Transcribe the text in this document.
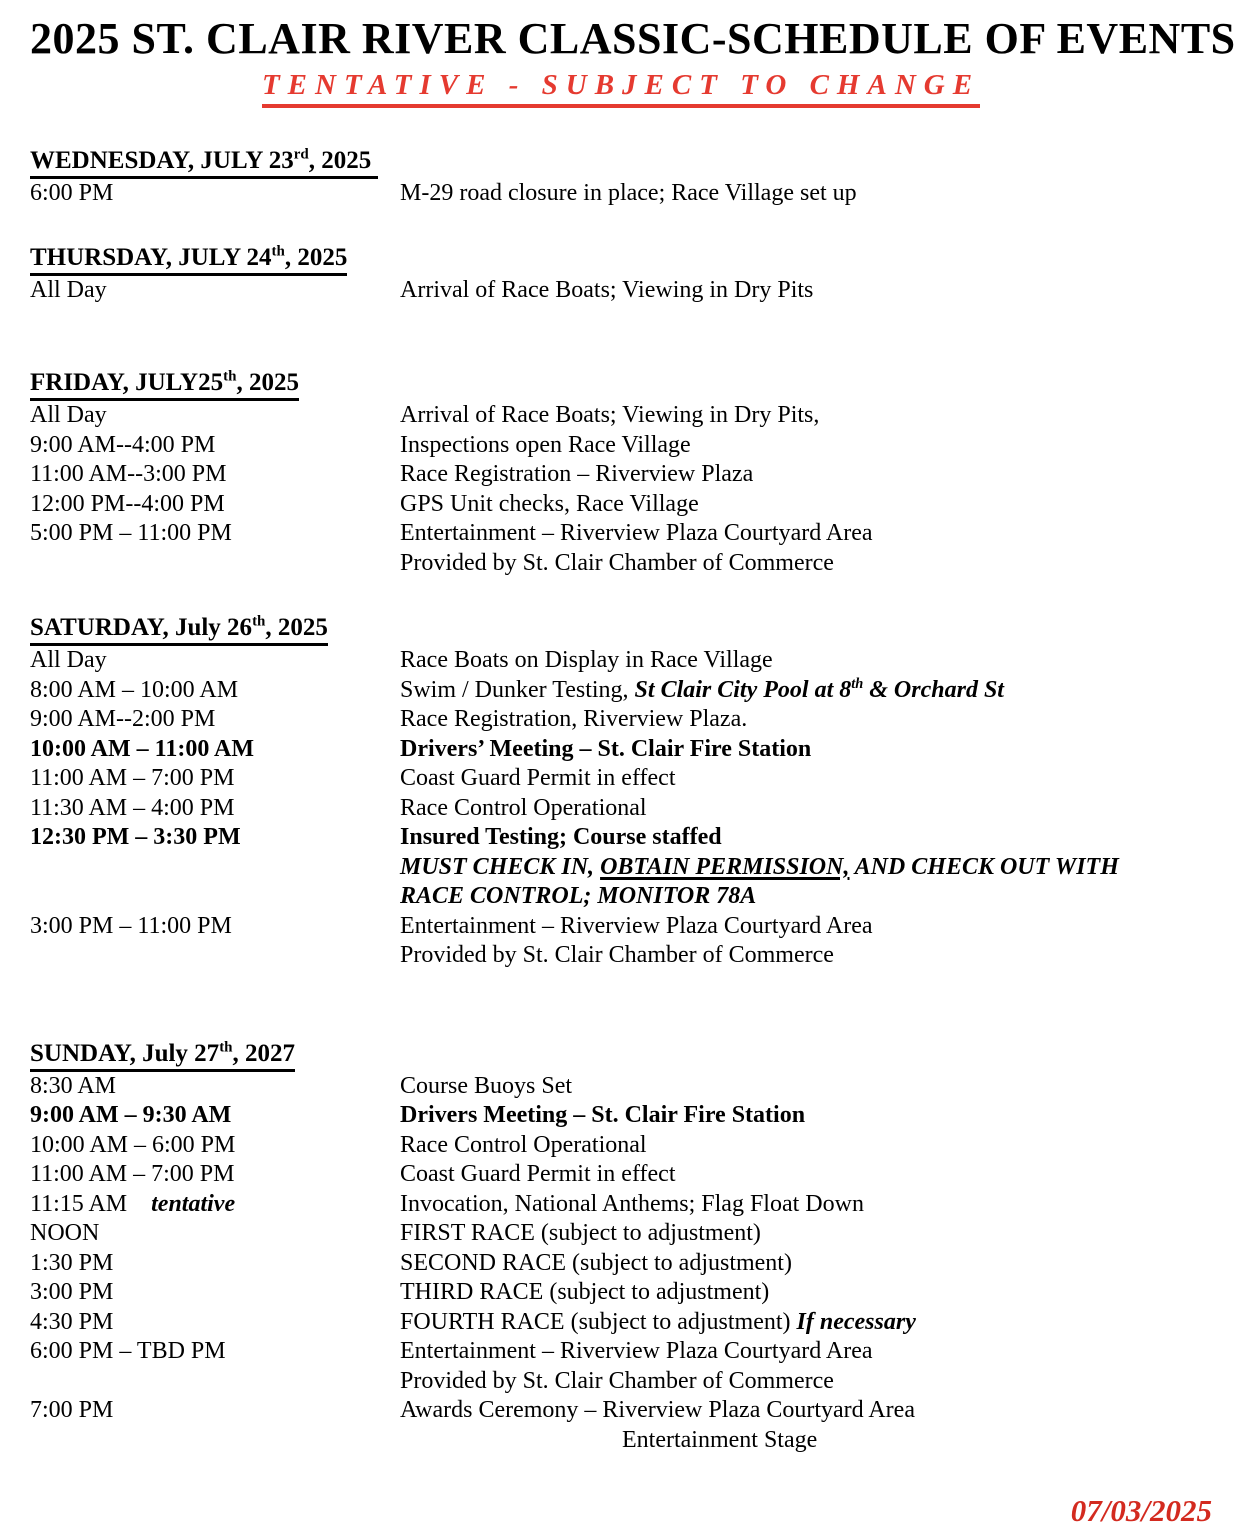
2025 ST. CLAIR RIVER CLASSIC-SCHEDULE OF EVENTS
TENTATIVE - SUBJECT TO CHANGE
WEDNESDAY, JULY 23rd, 2025
6:00 PM	M-29 road closure in place; Race Village set up
THURSDAY, JULY 24th, 2025
All Day	Arrival of Race Boats; Viewing in Dry Pits
FRIDAY, JULY25th, 2025
All Day	Arrival of Race Boats; Viewing in Dry Pits,
9:00 AM--4:00 PM	Inspections open Race Village
11:00 AM--3:00 PM	Race Registration – Riverview Plaza
12:00 PM--4:00 PM	GPS Unit checks, Race Village
5:00 PM – 11:00 PM	Entertainment – Riverview Plaza Courtyard Area
Provided by St. Clair Chamber of Commerce
SATURDAY, July 26th, 2025
All Day	Race Boats on Display in Race Village
8:00 AM – 10:00 AM	Swim / Dunker Testing, St Clair City Pool at 8th & Orchard St
9:00 AM--2:00 PM	Race Registration, Riverview Plaza.
10:00 AM – 11:00 AM	Drivers’ Meeting – St. Clair Fire Station
11:00 AM – 7:00 PM	Coast Guard Permit in effect
11:30 AM – 4:00 PM	Race Control Operational
12:30 PM – 3:30 PM	Insured Testing; Course staffed
MUST CHECK IN, OBTAIN PERMISSION, AND CHECK OUT WITH
RACE CONTROL; MONITOR 78A
3:00 PM – 11:00 PM	Entertainment – Riverview Plaza Courtyard Area
Provided by St. Clair Chamber of Commerce
SUNDAY, July 27th, 2027
8:30 AM	Course Buoys Set
9:00 AM – 9:30 AM	Drivers Meeting – St. Clair Fire Station
10:00 AM – 6:00 PM	Race Control Operational
11:00 AM – 7:00 PM	Coast Guard Permit in effect
11:15 AM    tentative	Invocation, National Anthems; Flag Float Down
NOON	FIRST RACE (subject to adjustment)
1:30 PM	SECOND RACE (subject to adjustment)
3:00 PM	THIRD RACE (subject to adjustment)
4:30 PM	FOURTH RACE (subject to adjustment) If necessary
6:00 PM – TBD PM	Entertainment – Riverview Plaza Courtyard Area
Provided by St. Clair Chamber of Commerce
7:00 PM	Awards Ceremony – Riverview Plaza Courtyard Area
Entertainment Stage
07/03/2025
